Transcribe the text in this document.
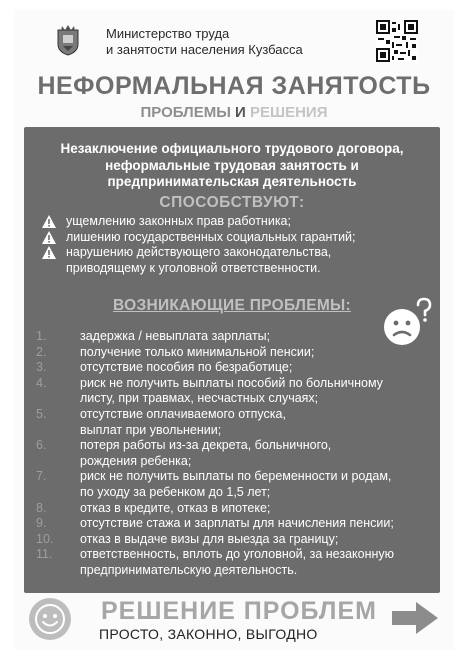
Министерство труда
и занятости населения Кузбасса
НЕФОРМАЛЬНАЯ ЗАНЯТОСТЬ
ПРОБЛЕМЫ И РЕШЕНИЯ
Незаключение официального трудового договора,
неформальные трудовая занятость и
предпринимательская деятельность
СПОСОБСТВУЮТ:
ущемлению законных прав работника;
лишению государственных социальных гарантий;
нарушению действующего законодательства,
приводящему к уголовной ответственности.
ВОЗНИКАЮЩИЕ ПРОБЛЕМЫ:
1.	задержка / невыплата зарплаты;
2.	получение только минимальной пенсии;
3.	отсутствие пособия по безработице;
4.	риск не получить выплаты пособий по больничному
листу, при травмах, несчастных случаях;
5.	отсутствие оплачиваемого отпуска,
выплат при увольнении;
6.	потеря работы из-за декрета, больничного,
рождения ребенка;
7.	риск не получить выплаты по беременности и родам,
по уходу за ребенком до 1,5 лет;
8.	отказ в кредите, отказ в ипотеке;
9.	отсутствие стажа и зарплаты для начисления пенсии;
10. отказ в выдаче визы для выезда за границу;
11. ответственность, вплоть до уголовной, за незаконную
предпринимательскую деятельность.
РЕШЕНИЕ ПРОБЛЕМ
ПРОСТО, ЗАКОННО, ВЫГОДНО
